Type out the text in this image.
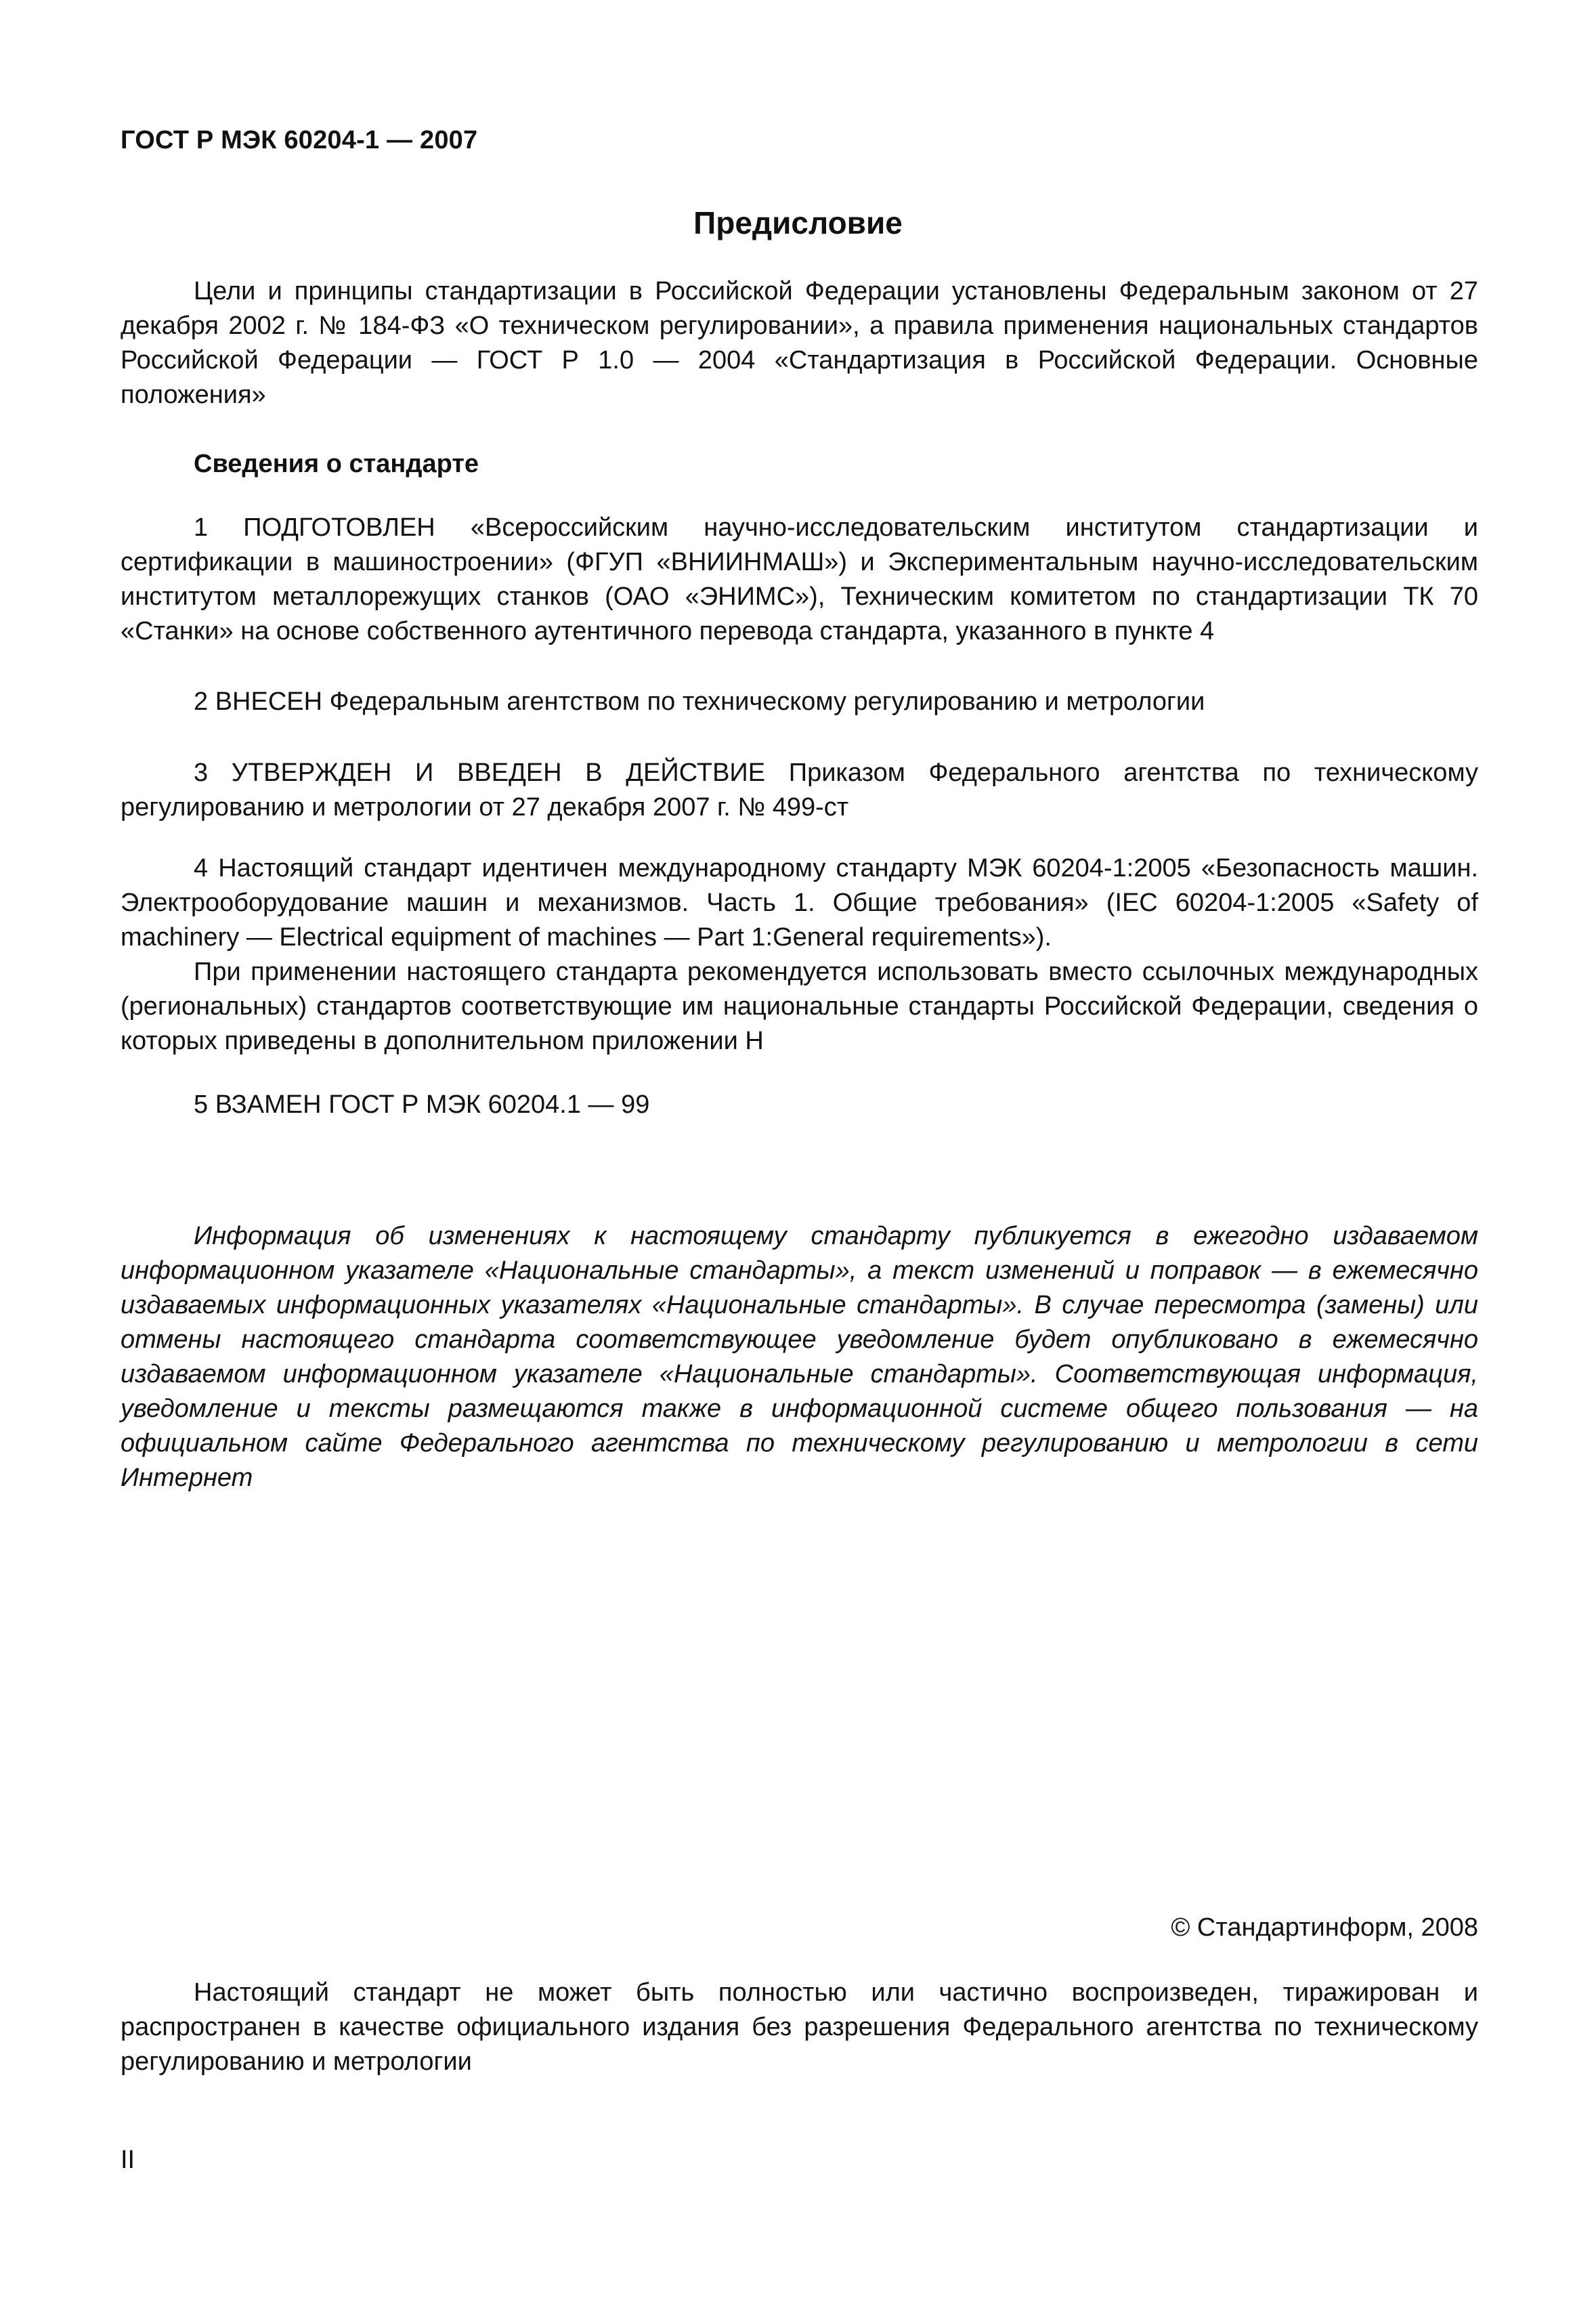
ГОСТ Р МЭК 60204-1 — 2007
Предисловие

Цели и принципы стандартизации в Российской Федерации установлены Федеральным законом от 27 декабря 2002 г. № 184-ФЗ «О техническом регулировании», а правила применения национальных стандартов Российской Федерации — ГОСТ Р 1.0 — 2004 «Стандартизация в Российской Федерации. Основные положения»

Сведения о стандарте

1 ПОДГОТОВЛЕН «Всероссийским научно-исследовательским институтом стандартизации и сертификации в машиностроении» (ФГУП «ВНИИНМАШ») и Экспериментальным научно-исследовательским институтом металлорежущих станков (ОАО «ЭНИМС»), Техническим комитетом по стандартизации ТК 70 «Станки» на основе собственного аутентичного перевода стандарта, указанного в пункте 4

2 ВНЕСЕН Федеральным агентством по техническому регулированию и метрологии

3 УТВЕРЖДЕН И ВВЕДЕН В ДЕЙСТВИЕ Приказом Федерального агентства по техническому регулированию и метрологии от 27 декабря 2007 г. № 499-ст

4 Настоящий стандарт идентичен международному стандарту МЭК 60204-1:2005 «Безопасность машин. Электрооборудование машин и механизмов. Часть 1. Общие требования» (IEC 60204-1:2005 «Safety of machinery — Electrical equipment of machines — Part 1:General requirements»).

При применении настоящего стандарта рекомендуется использовать вместо ссылочных международных (региональных) стандартов соответствующие им национальные стандарты Российской Федерации, сведения о которых приведены в дополнительном приложении Н

5 ВЗАМЕН ГОСТ Р МЭК 60204.1 — 99

Информация об изменениях к настоящему стандарту публикуется в ежегодно издаваемом информационном указателе «Национальные стандарты», а текст изменений и поправок — в ежемесячно издаваемых информационных указателях «Национальные стандарты». В случае пересмотра (замены) или отмены настоящего стандарта соответствующее уведомление будет опубликовано в ежемесячно издаваемом информационном указателе «Национальные стандарты». Соответствующая информация, уведомление и тексты размещаются также в информационной системе общего пользования — на официальном сайте Федерального агентства по техническому регулированию и метрологии в сети Интернет

© Стандартинформ, 2008

Настоящий стандарт не может быть полностью или частично воспроизведен, тиражирован и распространен в качестве официального издания без разрешения Федерального агентства по техническому регулированию и метрологии

II
